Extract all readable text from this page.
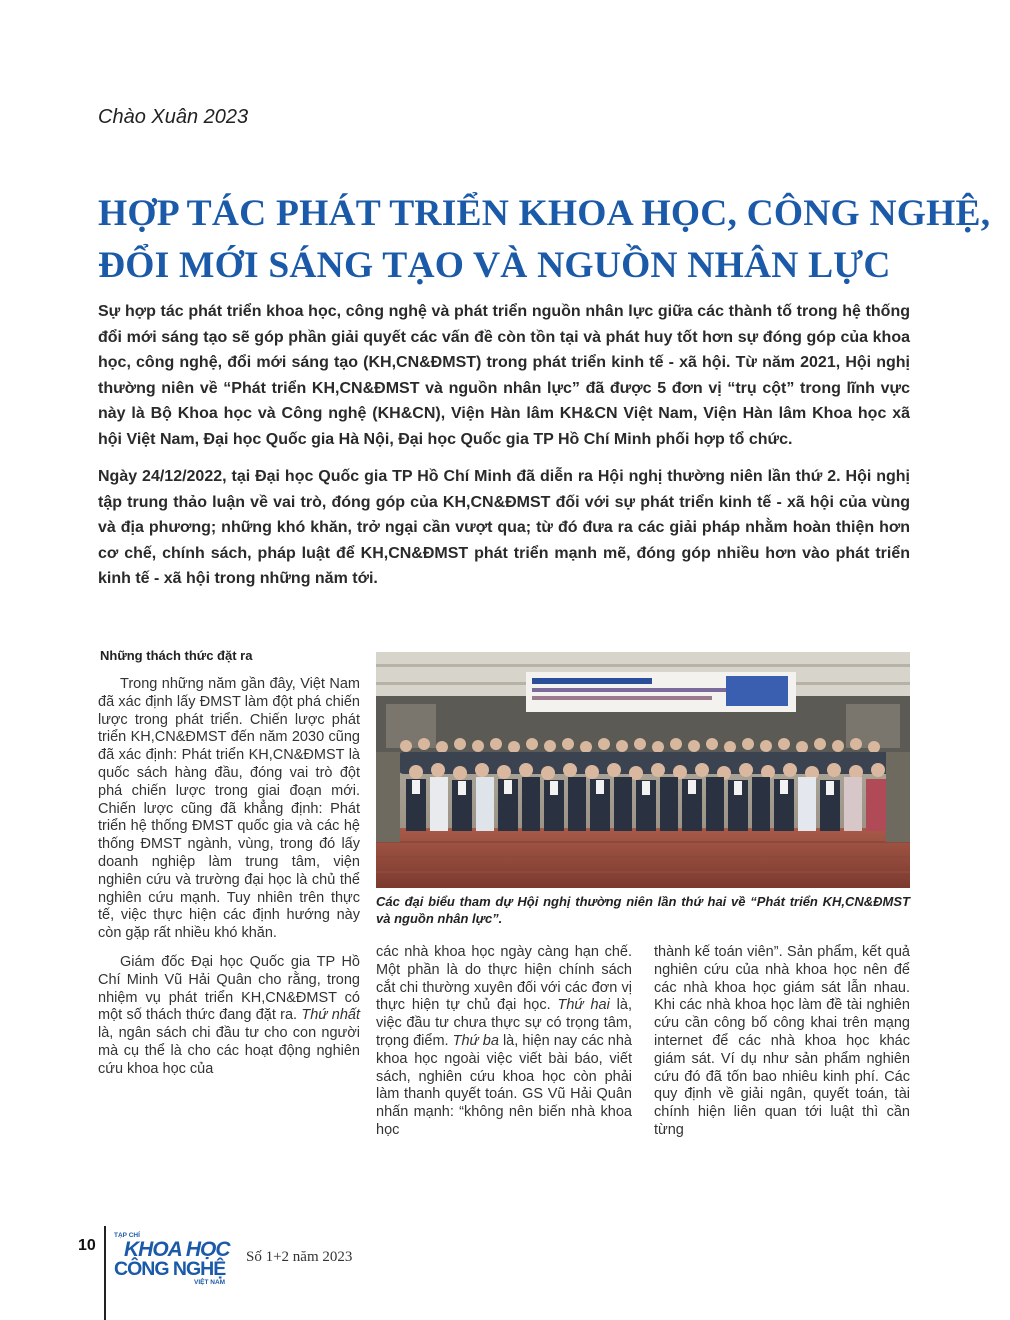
Chào Xuân 2023
HỢP TÁC PHÁT TRIỂN KHOA HỌC, CÔNG NGHỆ,
ĐỔI MỚI SÁNG TẠO VÀ NGUỒN NHÂN LỰC

Sự hợp tác phát triển khoa học, công nghệ và phát triển nguồn nhân lực giữa các thành tố trong hệ thống đổi mới sáng tạo sẽ góp phần giải quyết các vấn đề còn tồn tại và phát huy tốt hơn sự đóng góp của khoa học, công nghệ, đổi mới sáng tạo (KH,CN&ĐMST) trong phát triển kinh tế - xã hội. Từ năm 2021, Hội nghị thường niên về “Phát triển KH,CN&ĐMST và nguồn nhân lực” đã được 5 đơn vị “trụ cột” trong lĩnh vực này là Bộ Khoa học và Công nghệ (KH&CN), Viện Hàn lâm KH&CN Việt Nam, Viện Hàn lâm Khoa học xã hội Việt Nam, Đại học Quốc gia Hà Nội, Đại học Quốc gia TP Hồ Chí Minh phối hợp tổ chức.

Ngày 24/12/2022, tại Đại học Quốc gia TP Hồ Chí Minh đã diễn ra Hội nghị thường niên lần thứ 2. Hội nghị tập trung thảo luận về vai trò, đóng góp của KH,CN&ĐMST đối với sự phát triển kinh tế - xã hội của vùng và địa phương; những khó khăn, trở ngại cần vượt qua; từ đó đưa ra các giải pháp nhằm hoàn thiện hơn cơ chế, chính sách, pháp luật để KH,CN&ĐMST phát triển mạnh mẽ, đóng góp nhiều hơn vào phát triển kinh tế - xã hội trong những năm tới.

Những thách thức đặt ra

Trong những năm gần đây, Việt Nam đã xác định lấy ĐMST làm đột phá chiến lược trong phát triển. Chiến lược phát triển KH,CN&ĐMST đến năm 2030 cũng đã xác định: Phát triển KH,CN&ĐMST là quốc sách hàng đầu, đóng vai trò đột phá chiến lược trong giai đoạn mới. Chiến lược cũng đã khẳng định: Phát triển hệ thống ĐMST quốc gia và các hệ thống ĐMST ngành, vùng, trong đó lấy doanh nghiệp làm trung tâm, viện nghiên cứu và trường đại học là chủ thể nghiên cứu mạnh. Tuy nhiên trên thực tế, việc thực hiện các định hướng này còn gặp rất nhiều khó khăn.

Giám đốc Đại học Quốc gia TP Hồ Chí Minh Vũ Hải Quân cho rằng, trong nhiệm vụ phát triển KH,CN&ĐMST có một số thách thức đang đặt ra. Thứ nhất là, ngân sách chi đầu tư cho con người mà cụ thể là cho các hoạt động nghiên cứu khoa học của

Các đại biểu tham dự Hội nghị thường niên lần thứ hai về “Phát triển KH,CN&ĐMST và nguồn nhân lực”.

các nhà khoa học ngày càng hạn chế. Một phần là do thực hiện chính sách cắt chi thường xuyên đối với các đơn vị thực hiện tự chủ đại học. Thứ hai là, việc đầu tư chưa thực sự có trọng tâm, trọng điểm. Thứ ba là, hiện nay các nhà khoa học ngoài việc viết bài báo, viết sách, nghiên cứu khoa học còn phải làm thanh quyết toán. GS Vũ Hải Quân nhấn mạnh: “không nên biến nhà khoa học

thành kế toán viên”. Sản phẩm, kết quả nghiên cứu của nhà khoa học nên để các nhà khoa học giám sát lẫn nhau. Khi các nhà khoa học làm đề tài nghiên cứu cần công bố công khai trên mạng internet để các nhà khoa học khác giám sát. Ví dụ như sản phẩm nghiên cứu đó đã tốn bao nhiêu kinh phí. Các quy định về giải ngân, quyết toán, tài chính hiện liên quan tới luật thì cần từng

10
TẠP CHÍ
KHOA HỌC
CÔNG NGHỆ
VIỆT NAM
Số 1+2 năm 2023
